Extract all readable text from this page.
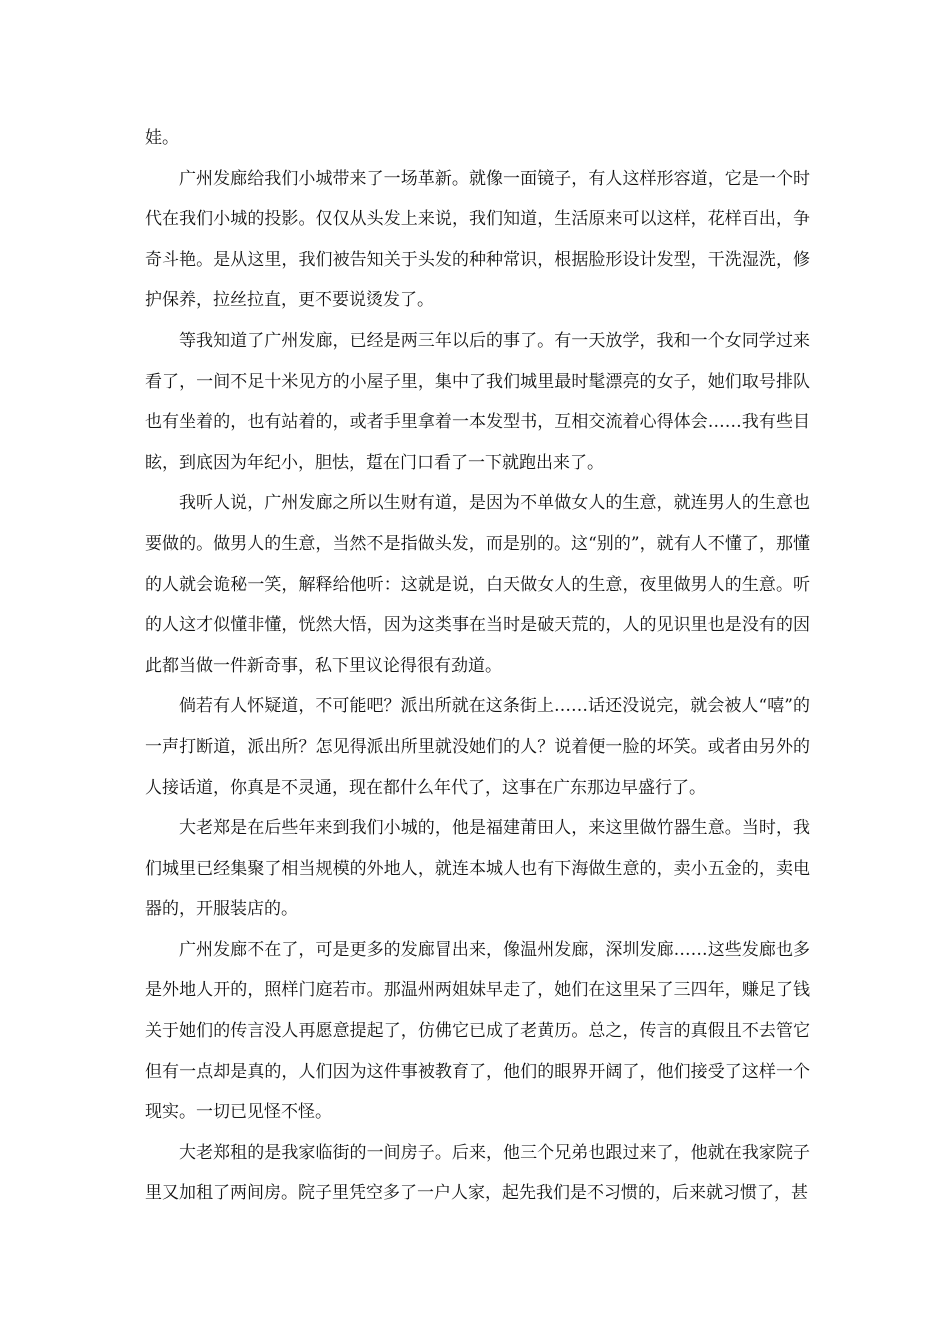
娃。

广州发廊给我们小城带来了一场革新。就像一面镜子，有人这样形容道，它是一个时代在我们小城的投影。仅仅从头发上来说，我们知道，生活原来可以这样，花样百出，争奇斗艳。是从这里，我们被告知关于头发的种种常识，根据脸形设计发型，干洗湿洗，修护保养，拉丝拉直，更不要说烫发了。

等我知道了广州发廊，已经是两三年以后的事了。有一天放学，我和一个女同学过来看了，一间不足十米见方的小屋子里，集中了我们城里最时髦漂亮的女子，她们取号排队也有坐着的，也有站着的，或者手里拿着一本发型书，互相交流着心得体会……我有些目眩，到底因为年纪小，胆怯，踅在门口看了一下就跑出来了。

我听人说，广州发廊之所以生财有道，是因为不单做女人的生意，就连男人的生意也要做的。做男人的生意，当然不是指做头发，而是别的。这“别的”，就有人不懂了，那懂的人就会诡秘一笑，解释给他听：这就是说，白天做女人的生意，夜里做男人的生意。听的人这才似懂非懂，恍然大悟，因为这类事在当时是破天荒的，人的见识里也是没有的因此都当做一件新奇事，私下里议论得很有劲道。

倘若有人怀疑道，不可能吧？派出所就在这条街上……话还没说完，就会被人“嘻”的一声打断道，派出所？怎见得派出所里就没她们的人？说着便一脸的坏笑。或者由另外的人接话道，你真是不灵通，现在都什么年代了，这事在广东那边早盛行了。

大老郑是在后些年来到我们小城的，他是福建莆田人，来这里做竹器生意。当时，我们城里已经集聚了相当规模的外地人，就连本城人也有下海做生意的，卖小五金的，卖电器的，开服装店的。

广州发廊不在了，可是更多的发廊冒出来，像温州发廊，深圳发廊……这些发廊也多是外地人开的，照样门庭若市。那温州两姐妹早走了，她们在这里呆了三四年，赚足了钱关于她们的传言没人再愿意提起了，仿佛它已成了老黄历。总之，传言的真假且不去管它但有一点却是真的，人们因为这件事被教育了，他们的眼界开阔了，他们接受了这样一个现实。一切已见怪不怪。

大老郑租的是我家临街的一间房子。后来，他三个兄弟也跟过来了，他就在我家院子里又加租了两间房。院子里凭空多了一户人家，起先我们是不习惯的，后来就习惯了，甚
